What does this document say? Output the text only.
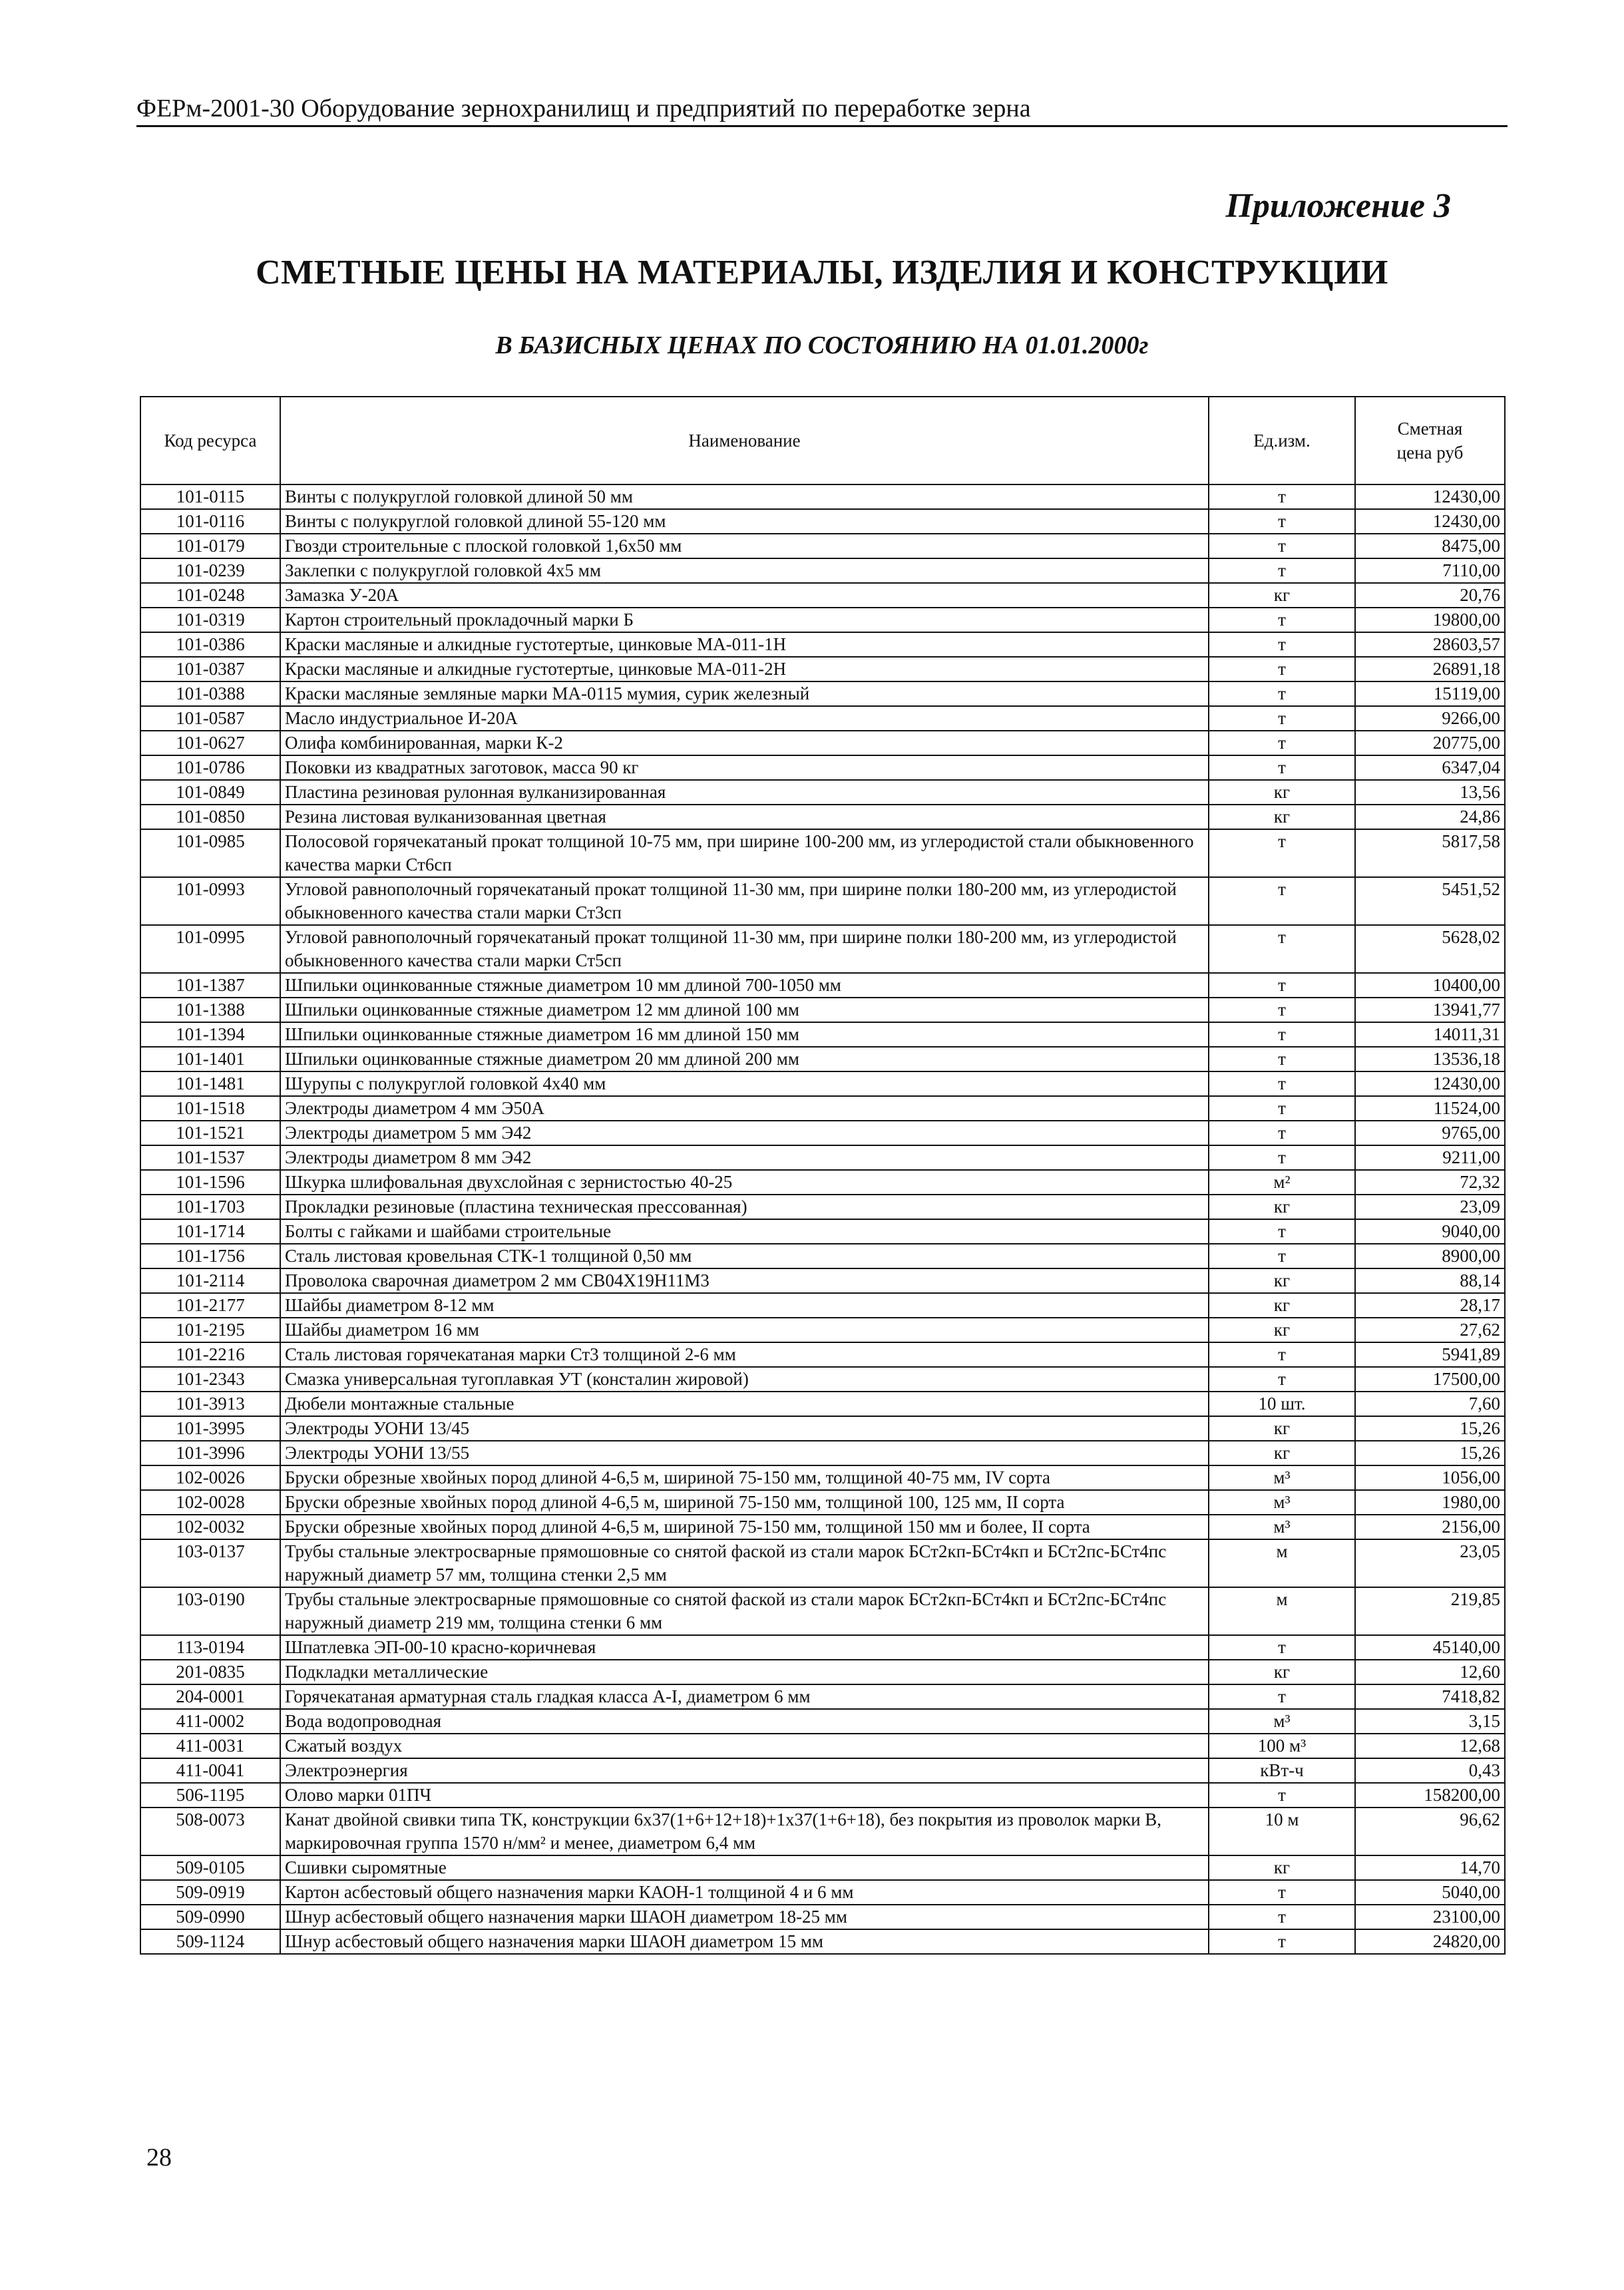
ФЕРм-2001-30 Оборудование зернохранилищ и предприятий по переработке зерна
Приложение 3
СМЕТНЫЕ ЦЕНЫ НА МАТЕРИАЛЫ, ИЗДЕЛИЯ И КОНСТРУКЦИИ
В БАЗИСНЫХ ЦЕНАХ ПО СОСТОЯНИЮ НА 01.01.2000г
Код ресурса	Наименование	Ед.изм.	Сметная цена руб
101-0115	Винты с полукруглой головкой длиной 50 мм	т	12430,00
101-0116	Винты с полукруглой головкой длиной 55-120 мм	т	12430,00
101-0179	Гвозди строительные с плоской головкой 1,6х50 мм	т	8475,00
101-0239	Заклепки с полукруглой головкой 4х5 мм	т	7110,00
101-0248	Замазка У-20А	кг	20,76
101-0319	Картон строительный прокладочный марки Б	т	19800,00
101-0386	Краски масляные и алкидные густотертые, цинковые МА-011-1Н	т	28603,57
101-0387	Краски масляные и алкидные густотертые, цинковые МА-011-2Н	т	26891,18
101-0388	Краски масляные земляные марки МА-0115 мумия, сурик железный	т	15119,00
101-0587	Масло индустриальное И-20А	т	9266,00
101-0627	Олифа комбинированная, марки К-2	т	20775,00
101-0786	Поковки из квадратных заготовок, масса 90 кг	т	6347,04
101-0849	Пластина резиновая рулонная вулканизированная	кг	13,56
101-0850	Резина листовая вулканизованная цветная	кг	24,86
101-0985	Полосовой горячекатаный прокат толщиной 10-75 мм, при ширине 100-200 мм, из углеродистой стали обыкновенного качества марки Ст6сп	т	5817,58
101-0993	Угловой равнополочный горячекатаный прокат толщиной 11-30 мм, при ширине полки 180-200 мм, из углеродистой обыкновенного качества стали марки Ст3сп	т	5451,52
101-0995	Угловой равнополочный горячекатаный прокат толщиной 11-30 мм, при ширине полки 180-200 мм, из углеродистой обыкновенного качества стали марки Ст5сп	т	5628,02
101-1387	Шпильки оцинкованные стяжные диаметром 10 мм длиной 700-1050 мм	т	10400,00
101-1388	Шпильки оцинкованные стяжные диаметром 12 мм длиной 100 мм	т	13941,77
101-1394	Шпильки оцинкованные стяжные диаметром 16 мм длиной 150 мм	т	14011,31
101-1401	Шпильки оцинкованные стяжные диаметром 20 мм длиной 200 мм	т	13536,18
101-1481	Шурупы с полукруглой головкой 4х40 мм	т	12430,00
101-1518	Электроды диаметром 4 мм Э50А	т	11524,00
101-1521	Электроды диаметром 5 мм Э42	т	9765,00
101-1537	Электроды диаметром 8 мм Э42	т	9211,00
101-1596	Шкурка шлифовальная двухслойная с зернистостью 40-25	м²	72,32
101-1703	Прокладки резиновые (пластина техническая прессованная)	кг	23,09
101-1714	Болты с гайками и шайбами строительные	т	9040,00
101-1756	Сталь листовая кровельная СТК-1 толщиной 0,50 мм	т	8900,00
101-2114	Проволока сварочная диаметром 2 мм СВ04Х19Н11М3	кг	88,14
101-2177	Шайбы диаметром 8-12 мм	кг	28,17
101-2195	Шайбы диаметром 16 мм	кг	27,62
101-2216	Сталь листовая горячекатаная марки Ст3 толщиной 2-6 мм	т	5941,89
101-2343	Смазка универсальная тугоплавкая УТ (консталин жировой)	т	17500,00
101-3913	Дюбели монтажные стальные	10 шт.	7,60
101-3995	Электроды УОНИ 13/45	кг	15,26
101-3996	Электроды УОНИ 13/55	кг	15,26
102-0026	Бруски обрезные хвойных пород длиной 4-6,5 м, шириной 75-150 мм, толщиной 40-75 мм, IV сорта	м³	1056,00
102-0028	Бруски обрезные хвойных пород длиной 4-6,5 м, шириной 75-150 мм, толщиной 100, 125 мм, II сорта	м³	1980,00
102-0032	Бруски обрезные хвойных пород длиной 4-6,5 м, шириной 75-150 мм, толщиной 150 мм и более, II сорта	м³	2156,00
103-0137	Трубы стальные электросварные прямошовные со снятой фаской из стали марок БСт2кп-БСт4кп и БСт2пс-БСт4пс наружный диаметр 57 мм, толщина стенки 2,5 мм	м	23,05
103-0190	Трубы стальные электросварные прямошовные со снятой фаской из стали марок БСт2кп-БСт4кп и БСт2пс-БСт4пс наружный диаметр 219 мм, толщина стенки 6 мм	м	219,85
113-0194	Шпатлевка ЭП-00-10 красно-коричневая	т	45140,00
201-0835	Подкладки металлические	кг	12,60
204-0001	Горячекатаная арматурная сталь гладкая класса А-I, диаметром 6 мм	т	7418,82
411-0002	Вода водопроводная	м³	3,15
411-0031	Сжатый воздух	100 м³	12,68
411-0041	Электроэнергия	кВт-ч	0,43
506-1195	Олово марки 01ПЧ	т	158200,00
508-0073	Канат двойной свивки типа ТК, конструкции 6х37(1+6+12+18)+1х37(1+6+18), без покрытия из проволок марки В, маркировочная группа 1570 н/мм² и менее, диаметром 6,4 мм	10 м	96,62
509-0105	Сшивки сыромятные	кг	14,70
509-0919	Картон асбестовый общего назначения марки КАОН-1 толщиной 4 и 6 мм	т	5040,00
509-0990	Шнур асбестовый общего назначения марки ШАОН диаметром 18-25 мм	т	23100,00
509-1124	Шнур асбестовый общего назначения марки ШАОН диаметром 15 мм	т	24820,00
28
